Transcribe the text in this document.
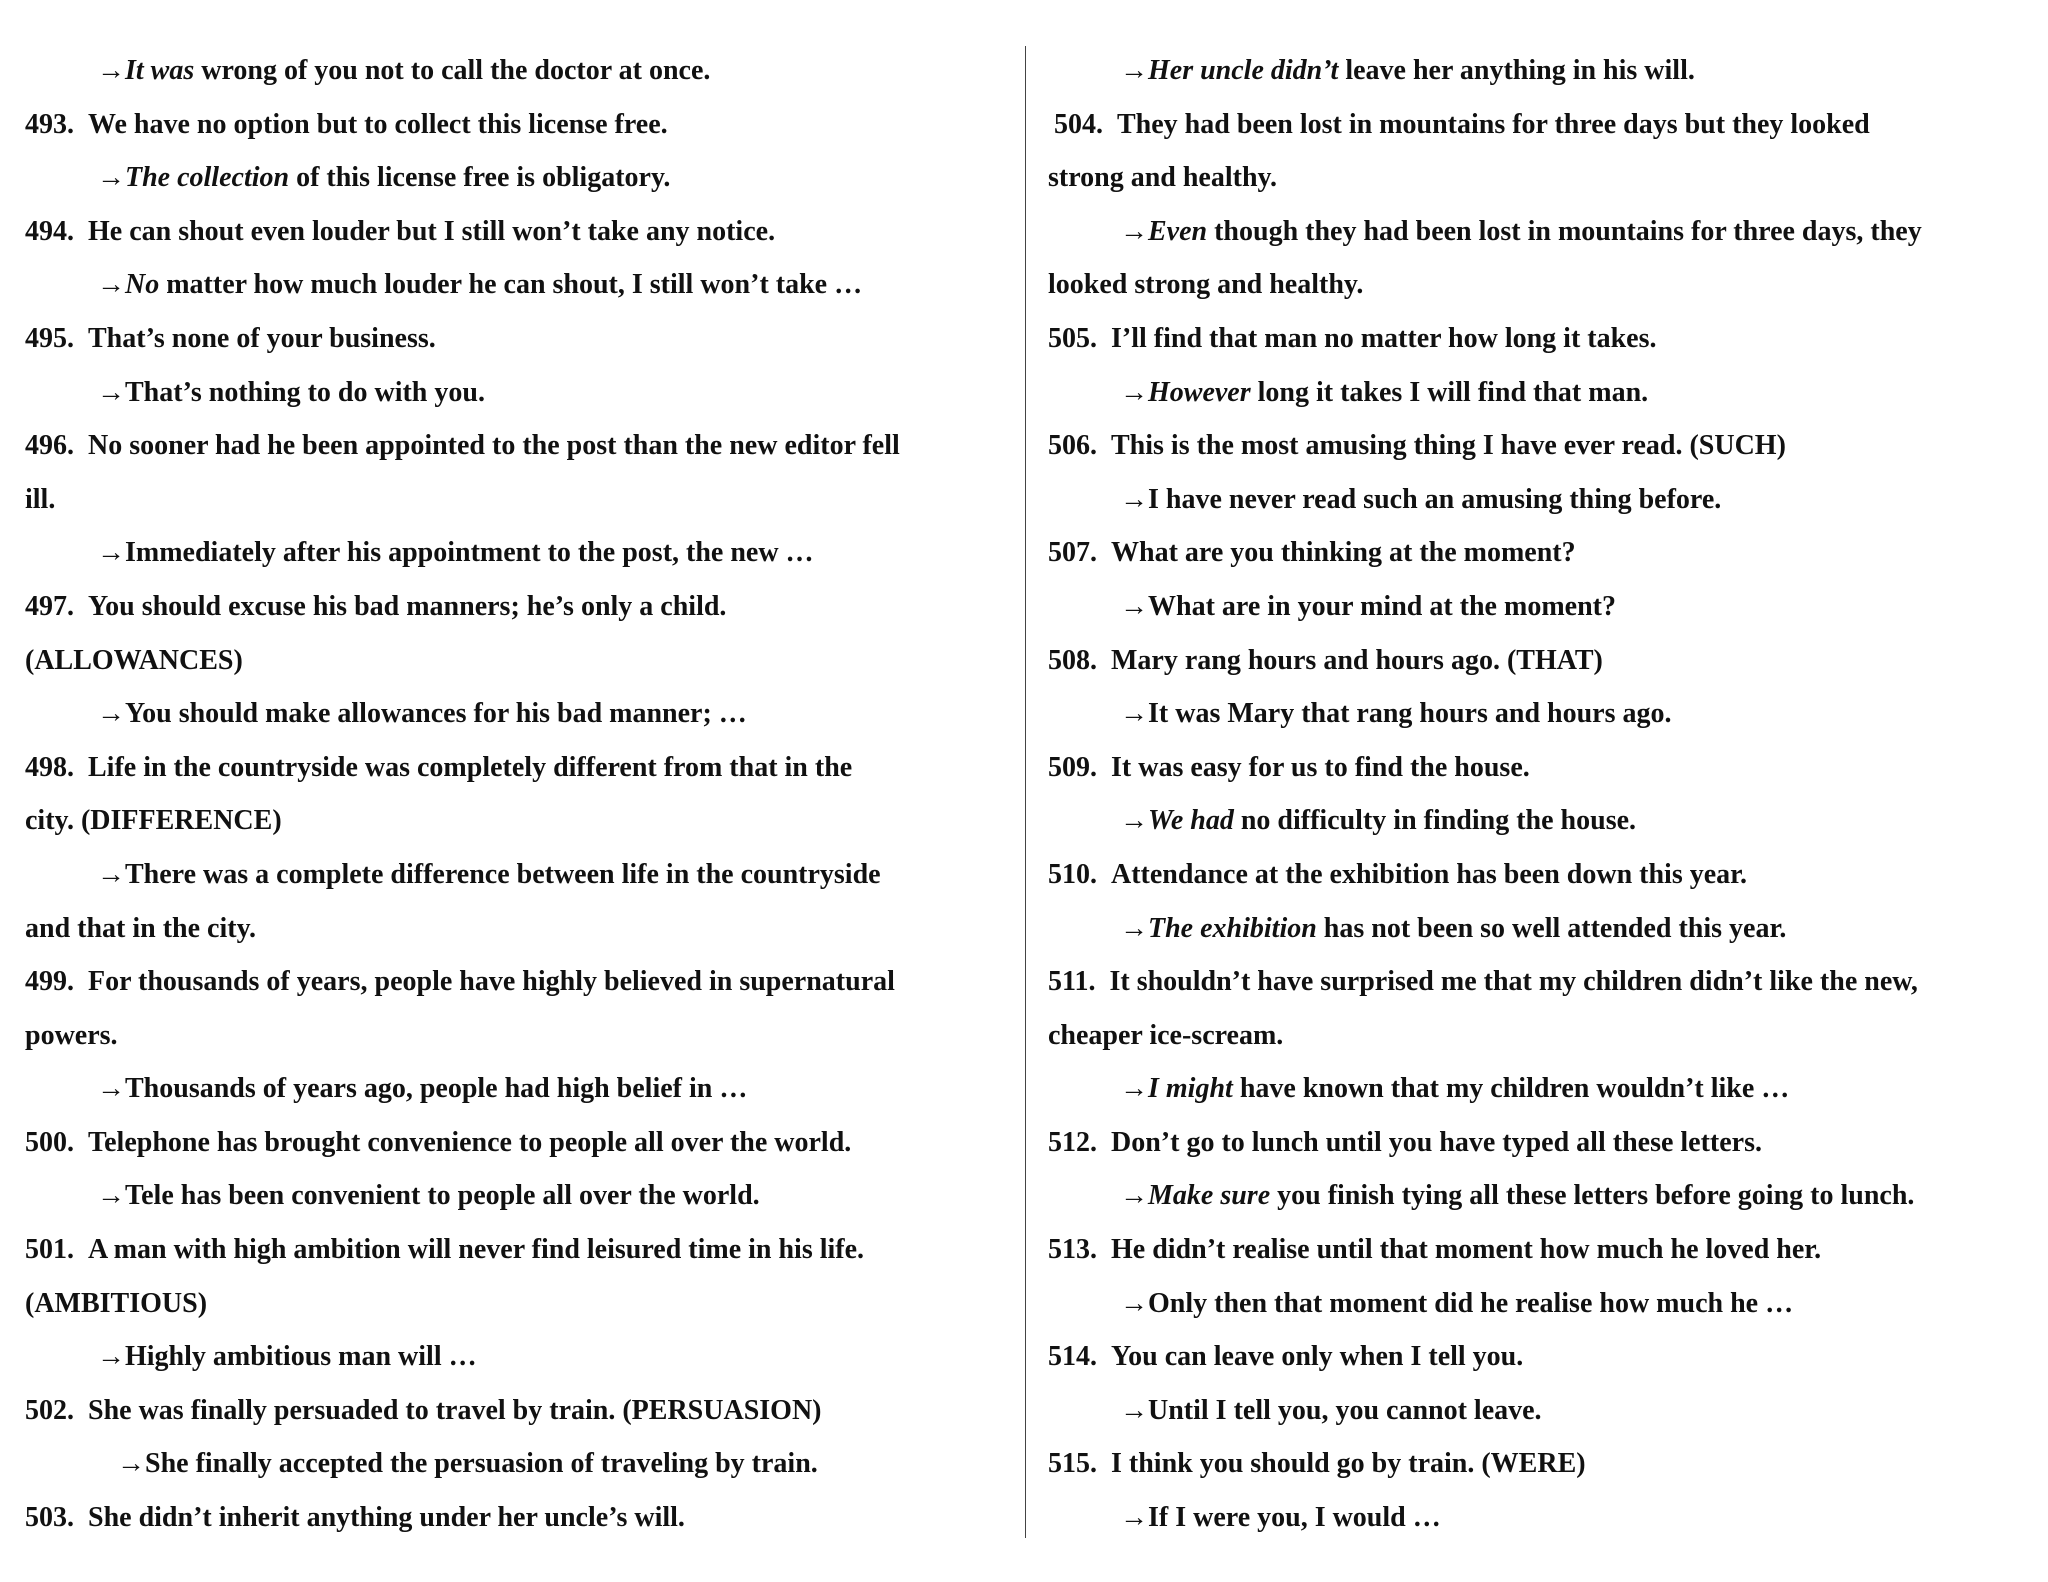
→It was wrong of you not to call the doctor at once.
493. We have no option but to collect this license free.
→The collection of this license free is obligatory.
494. He can shout even louder but I still won’t take any notice.
→No matter how much louder he can shout, I still won’t take …
495. That’s none of your business.
→That’s nothing to do with you.
496. No sooner had he been appointed to the post than the new editor fell
ill.
→Immediately after his appointment to the post, the new …
497. You should excuse his bad manners; he’s only a child.
(ALLOWANCES)
→You should make allowances for his bad manner; …
498. Life in the countryside was completely different from that in the
city. (DIFFERENCE)
→There was a complete difference between life in the countryside
and that in the city.
499. For thousands of years, people have highly believed in supernatural
powers.
→Thousands of years ago, people had high belief in …
500. Telephone has brought convenience to people all over the world.
→Tele has been convenient to people all over the world.
501. A man with high ambition will never find leisured time in his life.
(AMBITIOUS)
→Highly ambitious man will …
502. She was finally persuaded to travel by train. (PERSUASION)
→She finally accepted the persuasion of traveling by train.
503. She didn’t inherit anything under her uncle’s will.
→Her uncle didn’t leave her anything in his will.
504. They had been lost in mountains for three days but they looked
strong and healthy.
→Even though they had been lost in mountains for three days, they
looked strong and healthy.
505. I’ll find that man no matter how long it takes.
→However long it takes I will find that man.
506. This is the most amusing thing I have ever read. (SUCH)
→I have never read such an amusing thing before.
507. What are you thinking at the moment?
→What are in your mind at the moment?
508. Mary rang hours and hours ago. (THAT)
→It was Mary that rang hours and hours ago.
509. It was easy for us to find the house.
→We had no difficulty in finding the house.
510. Attendance at the exhibition has been down this year.
→The exhibition has not been so well attended this year.
511. It shouldn’t have surprised me that my children didn’t like the new,
cheaper ice-scream.
→I might have known that my children wouldn’t like …
512. Don’t go to lunch until you have typed all these letters.
→Make sure you finish tying all these letters before going to lunch.
513. He didn’t realise until that moment how much he loved her.
→Only then that moment did he realise how much he …
514. You can leave only when I tell you.
→Until I tell you, you cannot leave.
515. I think you should go by train. (WERE)
→If I were you, I would …
